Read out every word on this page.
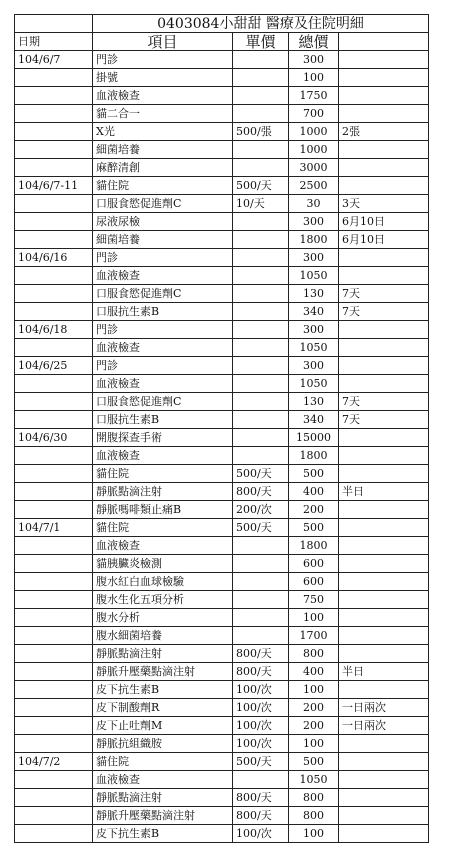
	0403084小甜甜 醫療及住院明細			
日期	項目	單價	總價	
104/6/7	門診		300	
	掛號		100	
	血液檢查		1750	
	貓二合一		700	
	X光	500/張	1000	2張
	細菌培養		1000	
	麻醉清創		3000	
104/6/7-11	貓住院	500/天	2500	
	口服食慾促進劑C	10/天	30	3天
	尿液尿檢		300	6月10日
	細菌培養		1800	6月10日
104/6/16	門診		300	
	血液檢查		1050	
	口服食慾促進劑C		130	7天
	口服抗生素B		340	7天
104/6/18	門診		300	
	血液檢查		1050	
104/6/25	門診		300	
	血液檢查		1050	
	口服食慾促進劑C		130	7天
	口服抗生素B		340	7天
104/6/30	開腹探查手術		15000	
	血液檢查		1800	
	貓住院	500/天	500	
	靜脈點滴注射	800/天	400	半日
	靜脈嗎啡類止痛B	200/次	200	
104/7/1	貓住院	500/天	500	
	血液檢查		1800	
	貓胰臟炎檢測		600	
	腹水紅白血球檢驗		600	
	腹水生化五項分析		750	
	腹水分析		100	
	腹水細菌培養		1700	
	靜脈點滴注射	800/天	800	
	靜脈升壓藥點滴注射	800/天	400	半日
	皮下抗生素B	100/次	100	
	皮下制酸劑R	100/次	200	一日兩次
	皮下止吐劑M	100/次	200	一日兩次
	靜脈抗組織胺	100/次	100	
104/7/2	貓住院	500/天	500	
	血液檢查		1050	
	靜脈點滴注射	800/天	800	
	靜脈升壓藥點滴注射	800/天	800	
	皮下抗生素B	100/次	100	
